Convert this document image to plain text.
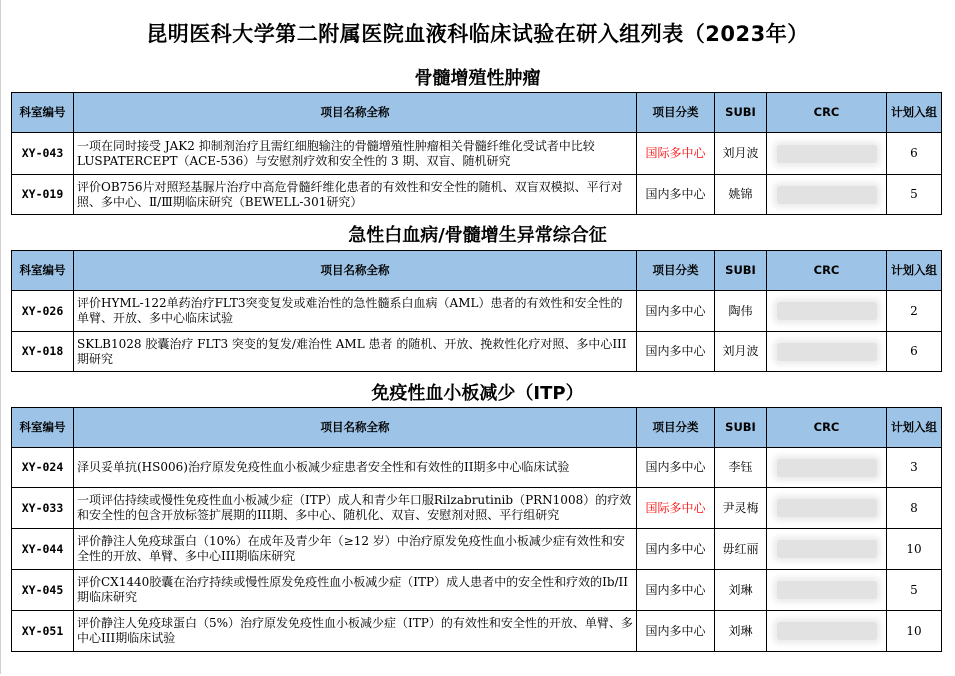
昆明医科大学第二附属医院血液科临床试验在研入组列表（2023年）
骨髓增殖性肿瘤
科室编号	项目名称全称	项目分类	SUBI	CRC	计划入组
XY-043	一项在同时接受 JAK2 抑制剂治疗且需红细胞输注的骨髓增殖性肿瘤相关骨髓纤维化受试者中比较 LUSPATERCEPT（ACE-536）与安慰剂疗效和安全性的 3 期、双盲、随机研究	国际多中心	刘月波		6
XY-019	评价OB756片对照羟基脲片治疗中高危骨髓纤维化患者的有效性和安全性的随机、双盲双模拟、平行对照、多中心、Ⅱ/Ⅲ期临床研究（BEWELL-301研究）	国内多中心	姚锦		5
急性白血病/骨髓增生异常综合征
科室编号	项目名称全称	项目分类	SUBI	CRC	计划入组
XY-026	评价HYML-122单药治疗FLT3突变复发或难治性的急性髓系白血病（AML）患者的有效性和安全性的单臂、开放、多中心临床试验	国内多中心	陶伟		2
XY-018	SKLB1028 胶囊治疗 FLT3 突变的复发/难治性 AML 患者 的随机、开放、挽救性化疗对照、多中心III期研究	国内多中心	刘月波		6
免疫性血小板减少（ITP）
科室编号	项目名称全称	项目分类	SUBI	CRC	计划入组
XY-024	泽贝妥单抗(HS006)治疗原发免疫性血小板减少症患者安全性和有效性的II期多中心临床试验	国内多中心	李钰		3
XY-033	一项评估持续或慢性免疫性血小板减少症（ITP）成人和青少年口服Rilzabrutinib（PRN1008）的疗效和安全性的包含开放标签扩展期的III期、多中心、随机化、双盲、安慰剂对照、平行组研究	国际多中心	尹灵梅		8
XY-044	评价静注人免疫球蛋白（10%）在成年及青少年（≥12 岁）中治疗原发免疫性血小板减少症有效性和安全性的开放、单臂、多中心III期临床研究	国内多中心	毋红丽		10
XY-045	评价CX1440胶囊在治疗持续或慢性原发免疫性血小板减少症（ITP）成人患者中的安全性和疗效的Ib/II期临床研究	国内多中心	刘琳		5
XY-051	评价静注人免疫球蛋白（5%）治疗原发免疫性血小板减少症（ITP）的有效性和安全性的开放、单臂、多中心III期临床试验	国内多中心	刘琳		10
